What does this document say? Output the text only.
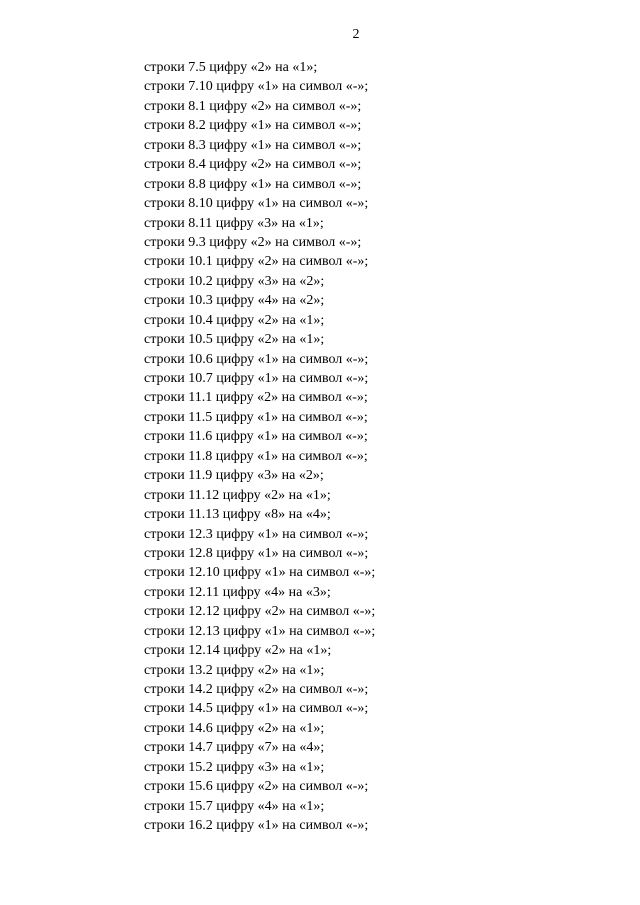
2
строки 7.5 цифру «2» на «1»;
строки 7.10 цифру «1» на символ «-»;
строки 8.1 цифру «2» на символ «-»;
строки 8.2 цифру «1» на символ «-»;
строки 8.3 цифру «1» на символ «-»;
строки 8.4 цифру «2» на символ «-»;
строки 8.8 цифру «1» на символ «-»;
строки 8.10 цифру «1» на символ «-»;
строки 8.11 цифру «3» на «1»;
строки 9.3 цифру «2» на символ «-»;
строки 10.1 цифру «2» на символ «-»;
строки 10.2 цифру «3» на «2»;
строки 10.3 цифру «4» на «2»;
строки 10.4 цифру «2» на «1»;
строки 10.5 цифру «2» на «1»;
строки 10.6 цифру «1» на символ «-»;
строки 10.7 цифру «1» на символ «-»;
строки 11.1 цифру «2» на символ «-»;
строки 11.5 цифру «1» на символ «-»;
строки 11.6 цифру «1» на символ «-»;
строки 11.8 цифру «1» на символ «-»;
строки 11.9 цифру «3» на «2»;
строки 11.12 цифру «2» на «1»;
строки 11.13 цифру «8» на «4»;
строки 12.3 цифру «1» на символ «-»;
строки 12.8 цифру «1» на символ «-»;
строки 12.10 цифру «1» на символ «-»;
строки 12.11 цифру «4» на «3»;
строки 12.12 цифру «2» на символ «-»;
строки 12.13 цифру «1» на символ «-»;
строки 12.14 цифру «2» на «1»;
строки 13.2 цифру «2» на «1»;
строки 14.2 цифру «2» на символ «-»;
строки 14.5 цифру «1» на символ «-»;
строки 14.6 цифру «2» на «1»;
строки 14.7 цифру «7» на «4»;
строки 15.2 цифру «3» на «1»;
строки 15.6 цифру «2» на символ «-»;
строки 15.7 цифру «4» на «1»;
строки 16.2 цифру «1» на символ «-»;
